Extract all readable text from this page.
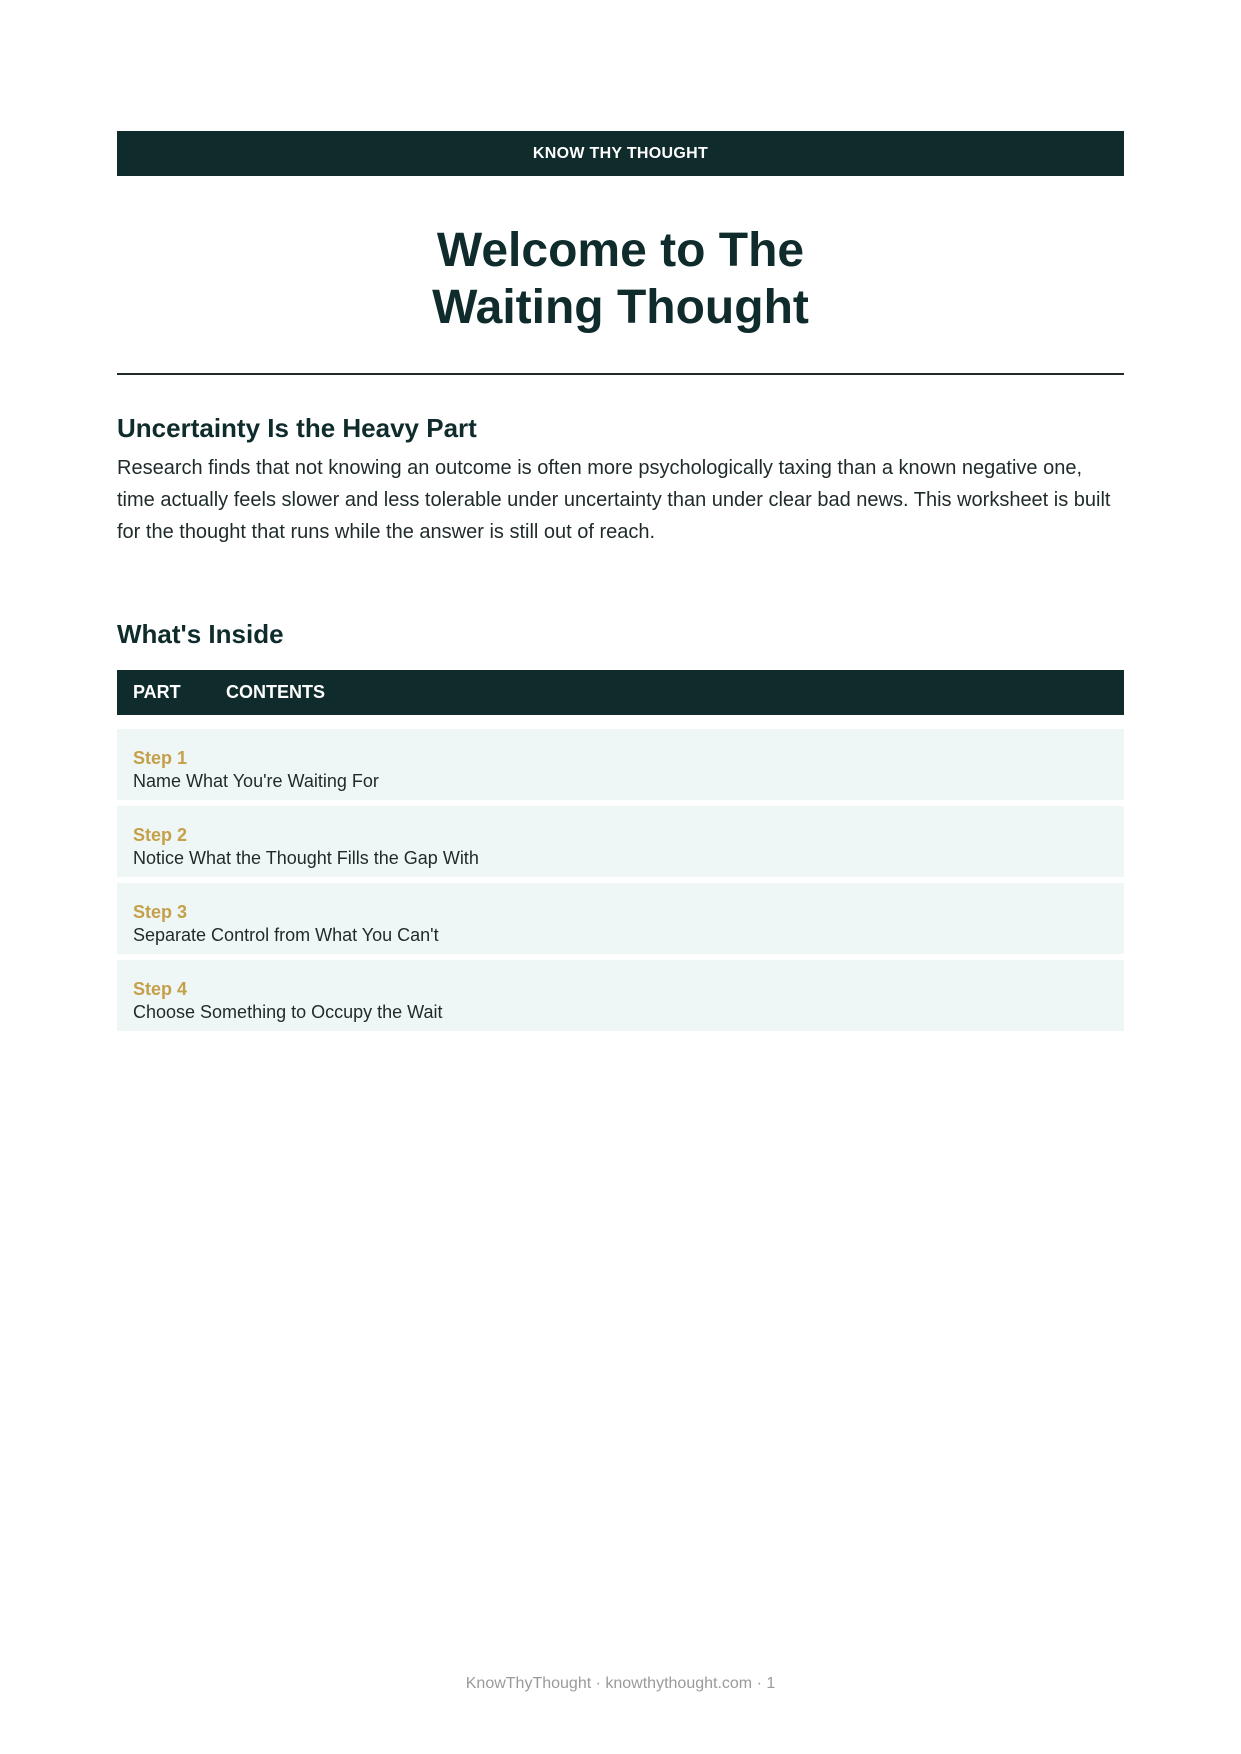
KNOW THY THOUGHT
Welcome to The
Waiting Thought
Uncertainty Is the Heavy Part

Research finds that not knowing an outcome is often more psychologically taxing than a known negative one, time actually feels slower and less tolerable under uncertainty than under clear bad news. This worksheet is built for the thought that runs while the answer is still out of reach.

What's Inside
PART	CONTENTS
Step 1
Name What You're Waiting For
Step 2
Notice What the Thought Fills the Gap With
Step 3
Separate Control from What You Can't
Step 4
Choose Something to Occupy the Wait
KnowThyThought · knowthythought.com · 1
